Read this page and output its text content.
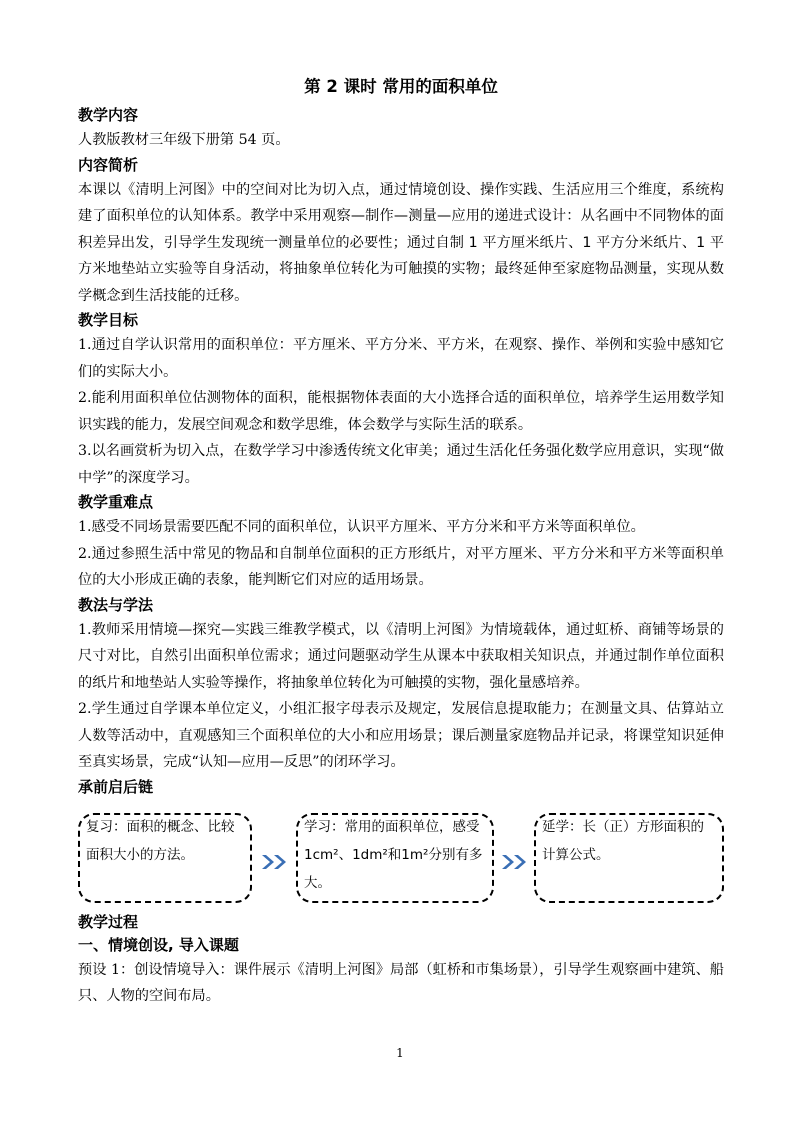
第 2 课时 常用的面积单位
教学内容

人教版教材三年级下册第 54 页。

内容简析

本课以《清明上河图》中的空间对比为切入点，通过情境创设、操作实践、生活应用三个维度，系统构建了面积单位的认知体系。教学中采用观察—制作—测量—应用的递进式设计：从名画中不同物体的面积差异出发，引导学生发现统一测量单位的必要性；通过自制 1 平方厘米纸片、1 平方分米纸片、1 平方米地垫站立实验等自身活动，将抽象单位转化为可触摸的实物；最终延伸至家庭物品测量，实现从数学概念到生活技能的迁移。

教学目标

1.通过自学认识常用的面积单位：平方厘米、平方分米、平方米，在观察、操作、举例和实验中感知它们的实际大小。

2.能利用面积单位估测物体的面积，能根据物体表面的大小选择合适的面积单位，培养学生运用数学知识实践的能力，发展空间观念和数学思维，体会数学与实际生活的联系。

3.以名画赏析为切入点，在数学学习中渗透传统文化审美；通过生活化任务强化数学应用意识，实现“做中学”的深度学习。

教学重难点

1.感受不同场景需要匹配不同的面积单位，认识平方厘米、平方分米和平方米等面积单位。

2.通过参照生活中常见的物品和自制单位面积的正方形纸片，对平方厘米、平方分米和平方米等面积单位的大小形成正确的表象，能判断它们对应的适用场景。

教法与学法

1.教师采用情境—探究—实践三维教学模式，以《清明上河图》为情境载体，通过虹桥、商铺等场景的尺寸对比，自然引出面积单位需求；通过问题驱动学生从课本中获取相关知识点，并通过制作单位面积的纸片和地垫站人实验等操作，将抽象单位转化为可触摸的实物，强化量感培养。

2.学生通过自学课本单位定义，小组汇报字母表示及规定，发展信息提取能力；在测量文具、估算站立人数等活动中，直观感知三个面积单位的大小和应用场景；课后测量家庭物品并记录，将课堂知识延伸至真实场景，完成“认知—应用—反思”的闭环学习。

承前启后链
复习：面积的概念、比较面积大小的方法。
学习：常用的面积单位，感受1cm²、1dm²和1m²分别有多大。
延学：长（正）方形面积的计算公式。
教学过程
一、情境创设, 导入课题

预设 1：创设情境导入：课件展示《清明上河图》局部（虹桥和市集场景），引导学生观察画中建筑、船只、人物的空间布局。

1
